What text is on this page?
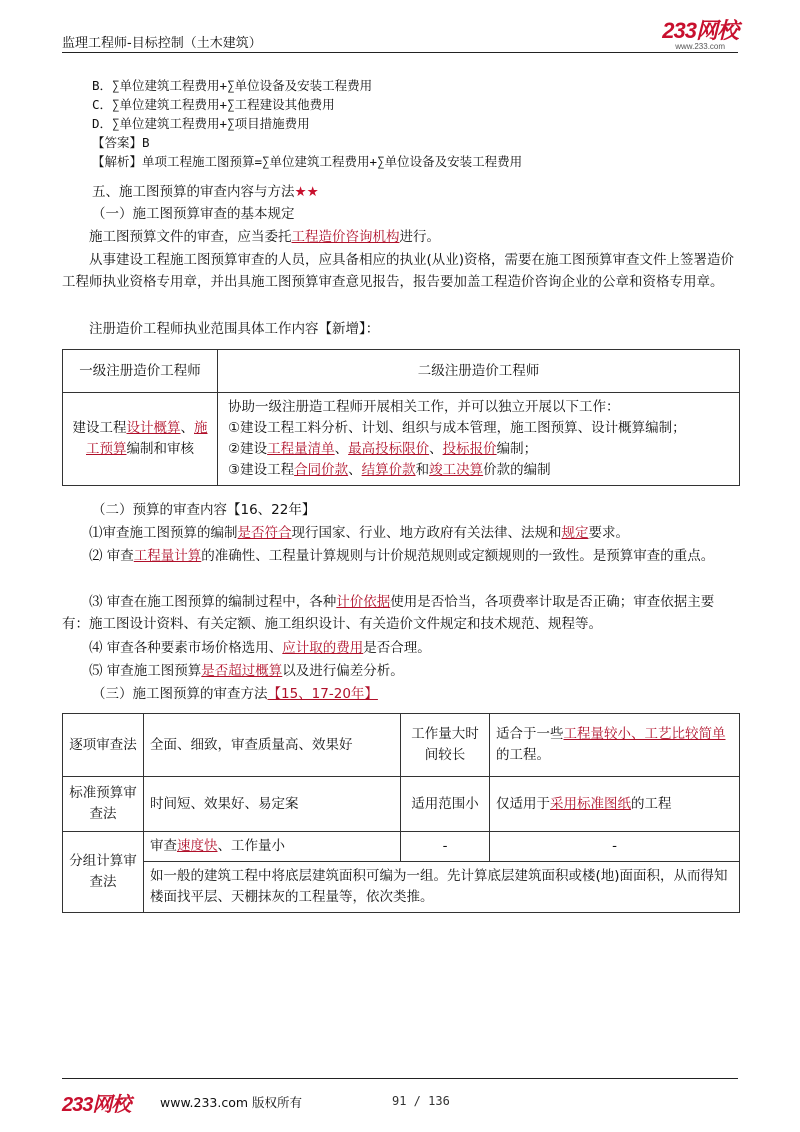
监理工程师-目标控制（土木建筑）
233网校
www.233.com
B．∑单位建筑工程费用+∑单位设备及安装工程费用
C．∑单位建筑工程费用+∑工程建设其他费用
D．∑单位建筑工程费用+∑项目措施费用
【答案】B
【解析】单项工程施工图预算=∑单位建筑工程费用+∑单位设备及安装工程费用
五、施工图预算的审查内容与方法★★
（一）施工图预算审查的基本规定
施工图预算文件的审查，应当委托工程造价咨询机构进行。
从事建设工程施工图预算审查的人员，应具备相应的执业(从业)资格，需要在施工图预算审查文件上签署造价工程师执业资格专用章，并出具施工图预算审查意见报告，报告要加盖工程造价咨询企业的公章和资格专用章。
注册造价工程师执业范围具体工作内容【新增】：
一级注册造价工程师	二级注册造价工程师
建设工程设计概算、施工预算编制和审核	协助一级注册造工程师开展相关工作，并可以独立开展以下工作：
①建设工程工料分析、计划、组织与成本管理，施工图预算、设计概算编制；
②建设工程量清单、最高投标限价、投标报价编制；
③建设工程合同价款、结算价款和竣工决算价款的编制
（二）预算的审查内容【16、22年】
⑴审查施工图预算的编制是否符合现行国家、行业、地方政府有关法律、法规和规定要求。
⑵ 审查工程量计算的准确性、工程量计算规则与计价规范规则或定额规则的一致性。是预算审查的重点。
⑶ 审查在施工图预算的编制过程中，各种计价依据使用是否恰当，各项费率计取是否正确；审查依据主要有：施工图设计资料、有关定额、施工组织设计、有关造价文件规定和技术规范、规程等。
⑷ 审查各种要素市场价格选用、应计取的费用是否合理。
⑸ 审查施工图预算是否超过概算以及进行偏差分析。
（三）施工图预算的审查方法【15、17-20年】
逐项审查法	全面、细致，审查质量高、效果好	工作量大时间较长	适合于一些工程量较小、工艺比较简单的工程。
标准预算审查法	时间短、效果好、易定案	适用范围小	仅适用于采用标准图纸的工程
分组计算审查法	审查速度快、工作量小	-	-
	如一般的建筑工程中将底层建筑面积可编为一组。先计算底层建筑面积或楼(地)面面积，从而得知楼面找平层、天棚抹灰的工程量等，依次类推。		
233网校 www.233.com 版权所有	91 / 136
